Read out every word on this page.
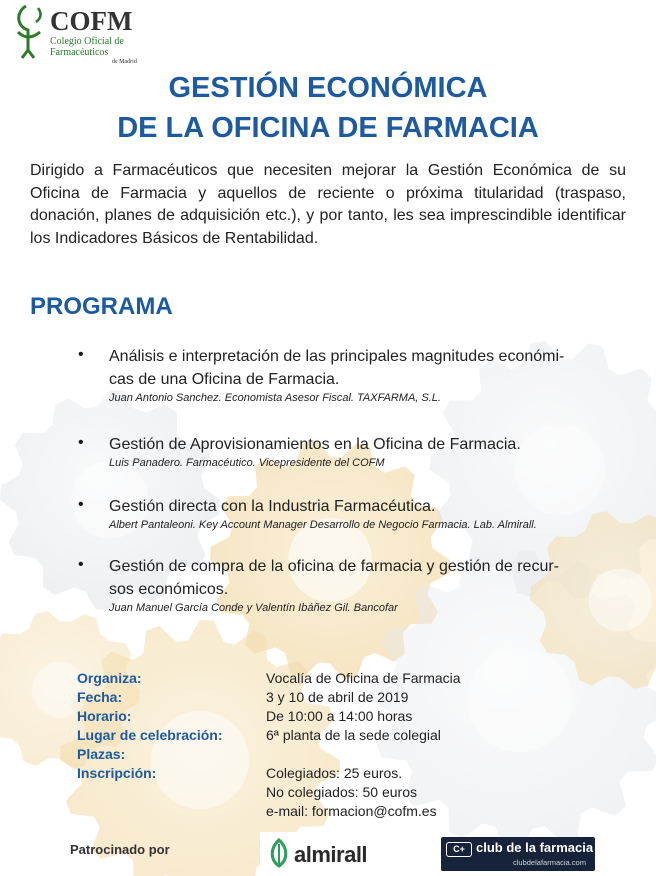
COFM
Colegio Oficial de
Farmacéuticos
de Madrid
GESTIÓN ECONÓMICA
DE LA OFICINA DE FARMACIA
Dirigido a Farmacéuticos que necesiten mejorar la Gestión Económica de su Oficina de Farmacia y aquellos de reciente o próxima titularidad (traspaso, donación, planes de adquisición etc.), y por tanto, les sea imprescindible identificar los Indicadores Básicos de Rentabilidad.
PROGRAMA
• Análisis e interpretación de las principales magnitudes económi-
cas de una Oficina de Farmacia.
Juan Antonio Sanchez. Economista Asesor Fiscal. TAXFARMA, S.L.
• Gestión de Aprovisionamientos en la Oficina de Farmacia.
Luis Panadero. Farmacéutico. Vicepresidente del COFM
• Gestión directa con la Industria Farmacéutica.
Albert Pantaleoni. Key Account Manager Desarrollo de Negocio Farmacia. Lab. Almirall.
• Gestión de compra de la oficina de farmacia y gestión de recur-
sos económicos.
Juan Manuel García Conde y Valentín Ibáñez Gil. Bancofar
Organiza:	Vocalía de Oficina de Farmacia
Fecha:	3 y 10 de abril de 2019
Horario:	De 10:00 a 14:00 horas
Lugar de celebración:	6ª planta de la sede colegial
Plazas:
Inscripción:	Colegiados: 25 euros.
No colegiados: 50 euros
e-mail: formacion@cofm.es
Patrocinado por	almirall	C+ club de la farmacia
clubdelafarmacia.com
